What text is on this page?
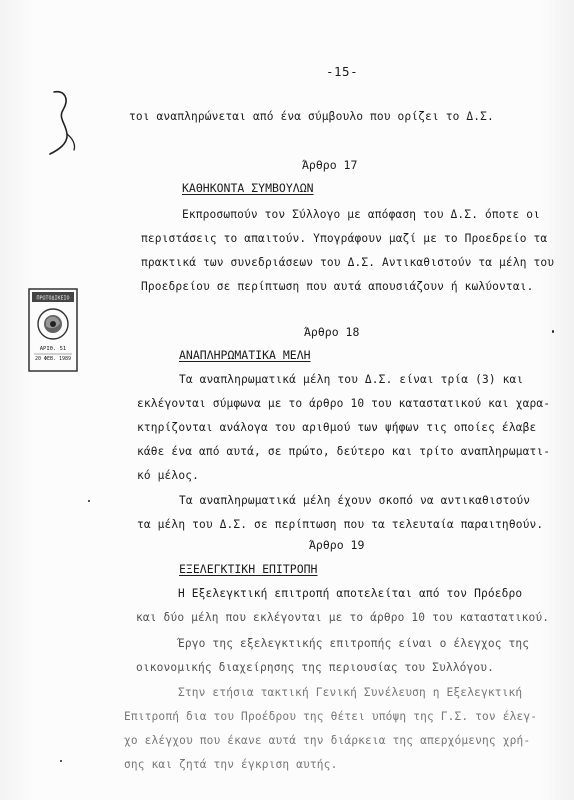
-15-
ΠΡΩΤΟΔΙΚΕΙΟ
ΑΡΙΘ. 51
20 ΦΕΒ. 1989
τοι αναπληρώνεται από ένα σύμβουλο που ορίζει το Δ.Σ.
Άρθρο 17
ΚΑΘΗΚΟΝΤΑ ΣΥΜΒΟΥΛΩΝ
Εκπροσωπούν τον Σύλλογο με απόφαση του Δ.Σ. όποτε οι
περιστάσεις το απαιτούν. Υπογράφουν μαζί με το Προεδρείο τα
πρακτικά των συνεδριάσεων του Δ.Σ. Αντικαθιστούν τα μέλη του
Προεδρείου σε περίπτωση που αυτά απουσιάζουν ή κωλύονται.
Άρθρο 18
ΑΝΑΠΛΗΡΩΜΑΤΙΚΑ ΜΕΛΗ
Τα αναπληρωματικά μέλη του Δ.Σ. είναι τρία (3) και
εκλέγονται σύμφωνα με το άρθρο 10 του καταστατικού και χαρα-
κτηρίζονται ανάλογα του αριθμού των ψήφων τις οποίες έλαβε
κάθε ένα από αυτά, σε πρώτο, δεύτερο και τρίτο αναπληρωματι-
κό μέλος.
Τα αναπληρωματικά μέλη έχουν σκοπό να αντικαθιστούν
τα μέλη του Δ.Σ. σε περίπτωση που τα τελευταία παραιτηθούν.
Άρθρο 19
ΕΞΕΛΕΓΚΤΙΚΗ ΕΠΙΤΡΟΠΗ
Η Εξελεγκτική επιτροπή αποτελείται από τον Πρόεδρο
και δύο μέλη που εκλέγονται με το άρθρο 10 του καταστατικού.
Έργο της εξελεγκτικής επιτροπής είναι ο έλεγχος της
οικονομικής διαχείρησης της περιουσίας του Συλλόγου.
Στην ετήσια τακτική Γενική Συνέλευση η Εξελεγκτική
Επιτροπή δια του Προέδρου της θέτει υπόψη της Γ.Σ. τον έλεγ-
χο ελέγχου που έκανε αυτά την διάρκεια της απερχόμενης χρή-
σης και ζητά την έγκριση αυτής.
